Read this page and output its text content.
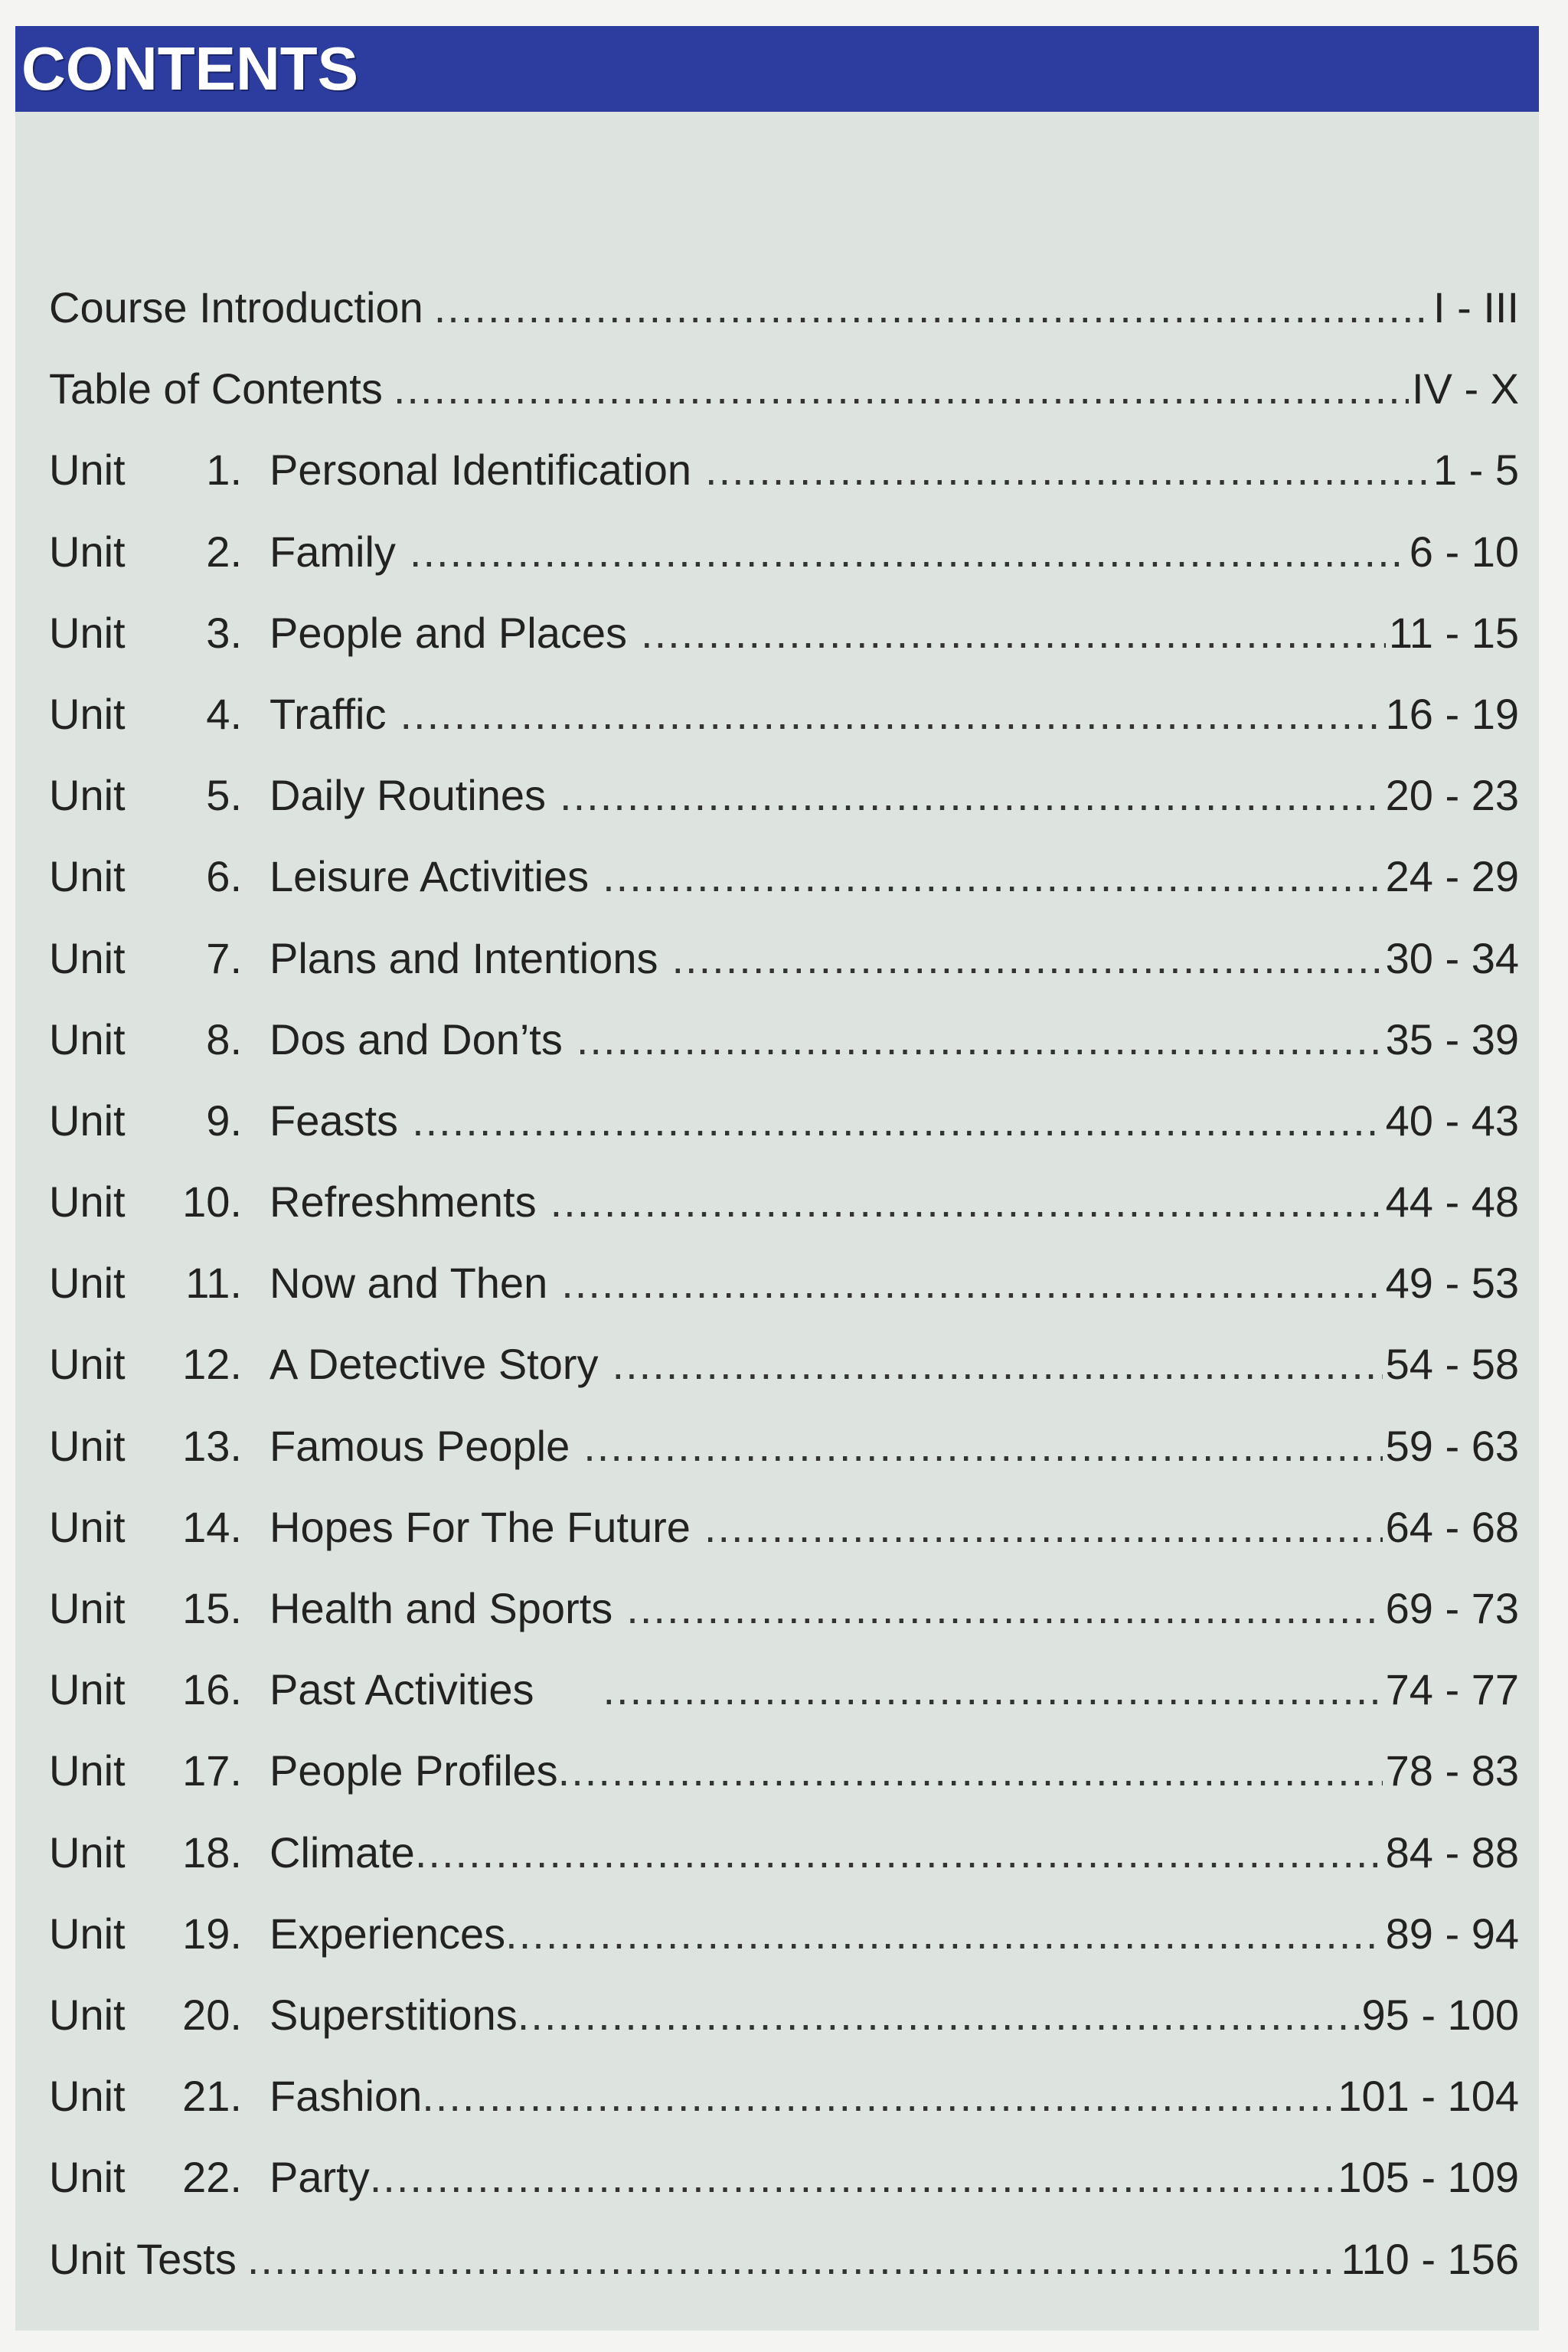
CONTENTS
Course Introduction .....	I - III
Table of Contents .....	IV - X
Unit	1. Personal Identification .....	1 - 5
Unit	2. Family .....	6 - 10
Unit	3. People and Places .....	11 - 15
Unit	4. Traffic .....	16 - 19
Unit	5. Daily Routines .....	20 - 23
Unit	6. Leisure Activities .....	24 - 29
Unit	7. Plans and Intentions .....	30 - 34
Unit	8. Dos and Don’ts .....	35 - 39
Unit	9. Feasts .....	40 - 43
Unit	10. Refreshments .....	44 - 48
Unit	11. Now and Then .....	49 - 53
Unit	12. A Detective Story .....	54 - 58
Unit	13. Famous People .....	59 - 63
Unit	14. Hopes For The Future .....	64 - 68
Unit	15. Health and Sports .....	69 - 73
Unit	16. Past Activities .....	74 - 77
Unit	17. People Profiles .....	78 - 83
Unit	18. Climate .....	84 - 88
Unit	19. Experiences .....	89 - 94
Unit	20. Superstitions .....	95 - 100
Unit	21. Fashion .....	101 - 104
Unit	22. Party .....	105 - 109
Unit Tests .....	110 - 156
